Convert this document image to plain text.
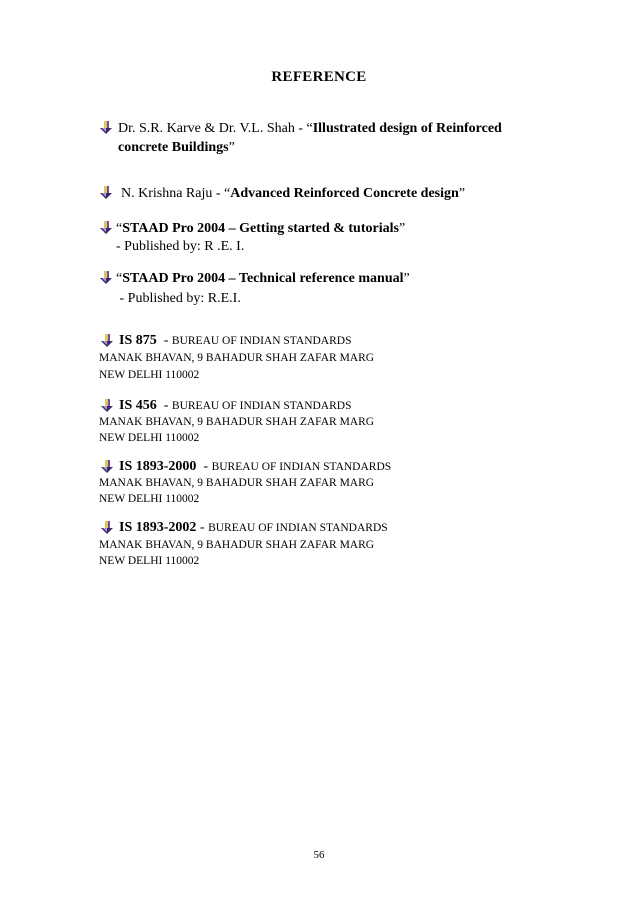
REFERENCE
Dr. S.R. Karve & Dr. V.L. Shah - “Illustrated design of Reinforced
concrete Buildings”
N. Krishna Raju - “Advanced Reinforced Concrete design”
“STAAD Pro 2004 – Getting started & tutorials”
- Published by: R .E. I.
“STAAD Pro 2004 – Technical reference manual”
- Published by: R.E.I.
IS 875  - BUREAU OF INDIAN STANDARDS
MANAK BHAVAN, 9 BAHADUR SHAH ZAFAR MARG
NEW DELHI 110002
IS 456  - BUREAU OF INDIAN STANDARDS
MANAK BHAVAN, 9 BAHADUR SHAH ZAFAR MARG
NEW DELHI 110002
IS 1893-2000  - BUREAU OF INDIAN STANDARDS
MANAK BHAVAN, 9 BAHADUR SHAH ZAFAR MARG
NEW DELHI 110002
IS 1893-2002 - BUREAU OF INDIAN STANDARDS
MANAK BHAVAN, 9 BAHADUR SHAH ZAFAR MARG
NEW DELHI 110002
56
